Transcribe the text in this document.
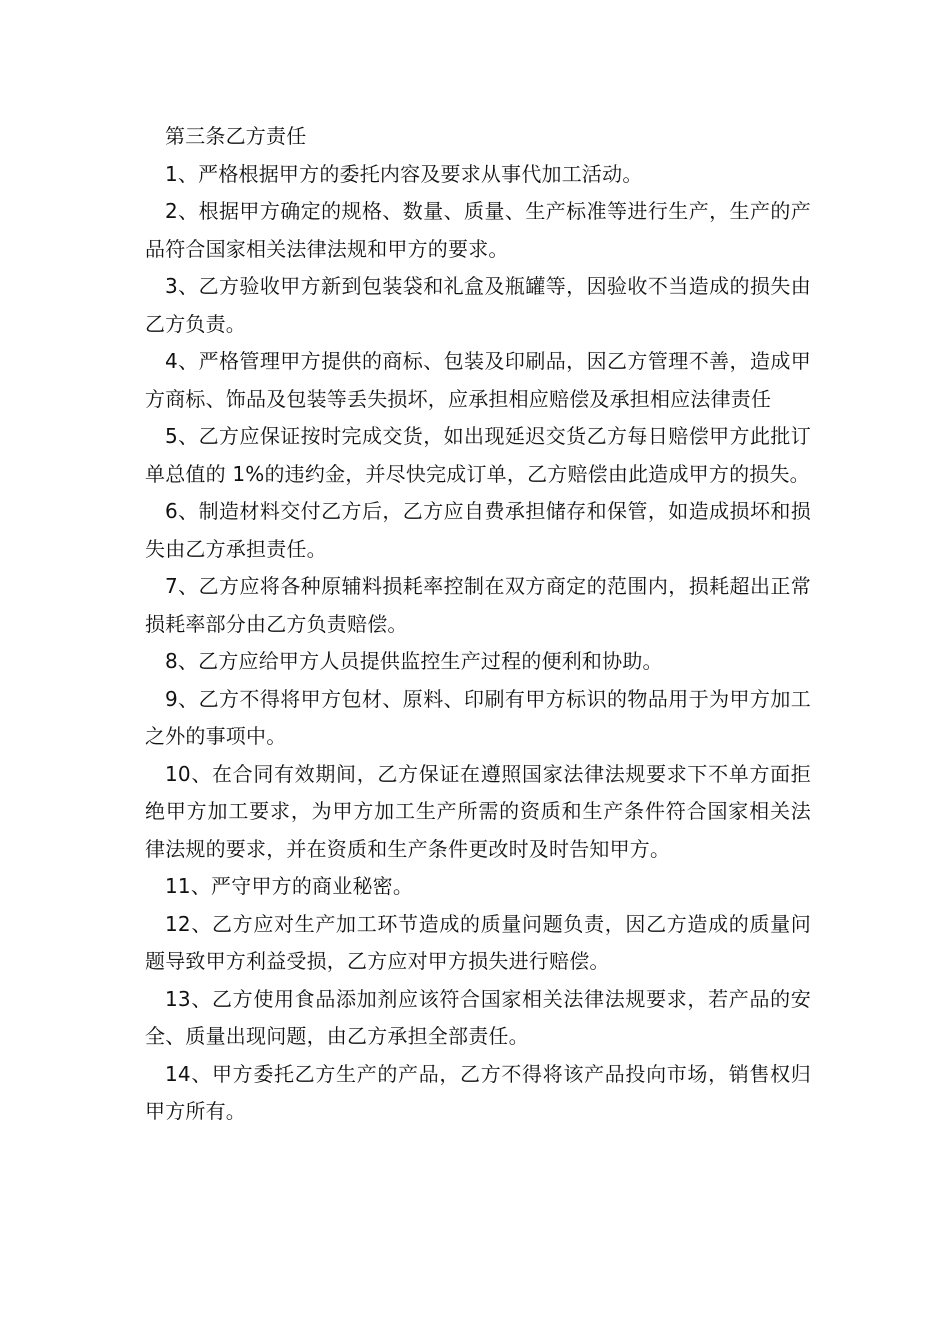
第三条乙方责任

1、严格根据甲方的委托内容及要求从事代加工活动。

2、根据甲方确定的规格、数量、质量、生产标准等进行生产，生产的产品符合国家相关法律法规和甲方的要求。

3、乙方验收甲方新到包装袋和礼盒及瓶罐等，因验收不当造成的损失由乙方负责。

4、严格管理甲方提供的商标、包装及印刷品，因乙方管理不善，造成甲方商标、饰品及包装等丢失损坏，应承担相应赔偿及承担相应法律责任

5、乙方应保证按时完成交货，如出现延迟交货乙方每日赔偿甲方此批订单总值的 1%的违约金，并尽快完成订单，乙方赔偿由此造成甲方的损失。

6、制造材料交付乙方后，乙方应自费承担储存和保管，如造成损坏和损失由乙方承担责任。

7、乙方应将各种原辅料损耗率控制在双方商定的范围内，损耗超出正常损耗率部分由乙方负责赔偿。

8、乙方应给甲方人员提供监控生产过程的便利和协助。

9、乙方不得将甲方包材、原料、印刷有甲方标识的物品用于为甲方加工之外的事项中。

10、在合同有效期间，乙方保证在遵照国家法律法规要求下不单方面拒绝甲方加工要求，为甲方加工生产所需的资质和生产条件符合国家相关法律法规的要求，并在资质和生产条件更改时及时告知甲方。

11、严守甲方的商业秘密。

12、乙方应对生产加工环节造成的质量问题负责，因乙方造成的质量问题导致甲方利益受损，乙方应对甲方损失进行赔偿。

13、乙方使用食品添加剂应该符合国家相关法律法规要求，若产品的安全、质量出现问题，由乙方承担全部责任。

14、甲方委托乙方生产的产品，乙方不得将该产品投向市场，销售权归甲方所有。
